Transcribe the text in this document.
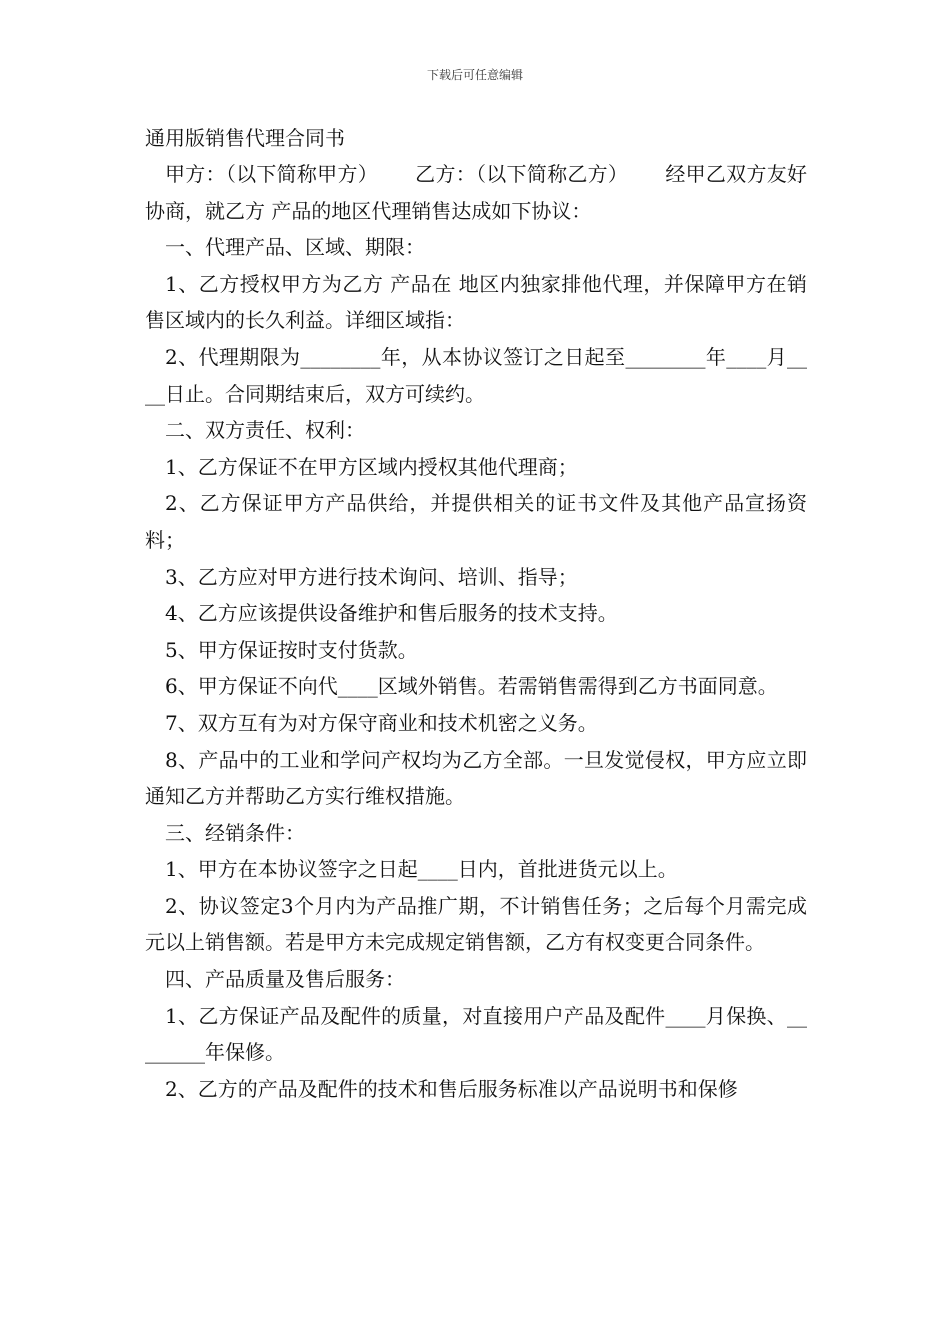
下载后可任意编辑

通用版销售代理合同书

甲方：（以下简称甲方）　　 乙方：（以下简称乙方）　　 经甲乙双方友好协商，就乙方 产品的地区代理销售达成如下协议：

一、代理产品、区域、期限：

1、乙方授权甲方为乙方 产品在 地区内独家排他代理，并保障甲方在销售区域内的长久利益。详细区域指：

2、代理期限为________年，从本协议签订之日起至________年____月____日止。合同期结束后，双方可续约。

二、双方责任、权利：

1、乙方保证不在甲方区域内授权其他代理商；

2、乙方保证甲方产品供给，并提供相关的证书文件及其他产品宣扬资料；

3、乙方应对甲方进行技术询问、培训、指导；

4、乙方应该提供设备维护和售后服务的技术支持。

5、甲方保证按时支付货款。

6、甲方保证不向代____区域外销售。若需销售需得到乙方书面同意。

7、双方互有为对方保守商业和技术机密之义务。

8、产品中的工业和学问产权均为乙方全部。一旦发觉侵权，甲方应立即通知乙方并帮助乙方实行维权措施。

三、经销条件：

1、甲方在本协议签字之日起____日内，首批进货元以上。

2、协议签定3个月内为产品推广期，不计销售任务；之后每个月需完成元以上销售额。若是甲方未完成规定销售额，乙方有权变更合同条件。

四、产品质量及售后服务：

1、乙方保证产品及配件的质量，对直接用户产品及配件____月保换、________年保修。

2、乙方的产品及配件的技术和售后服务标准以产品说明书和保修
